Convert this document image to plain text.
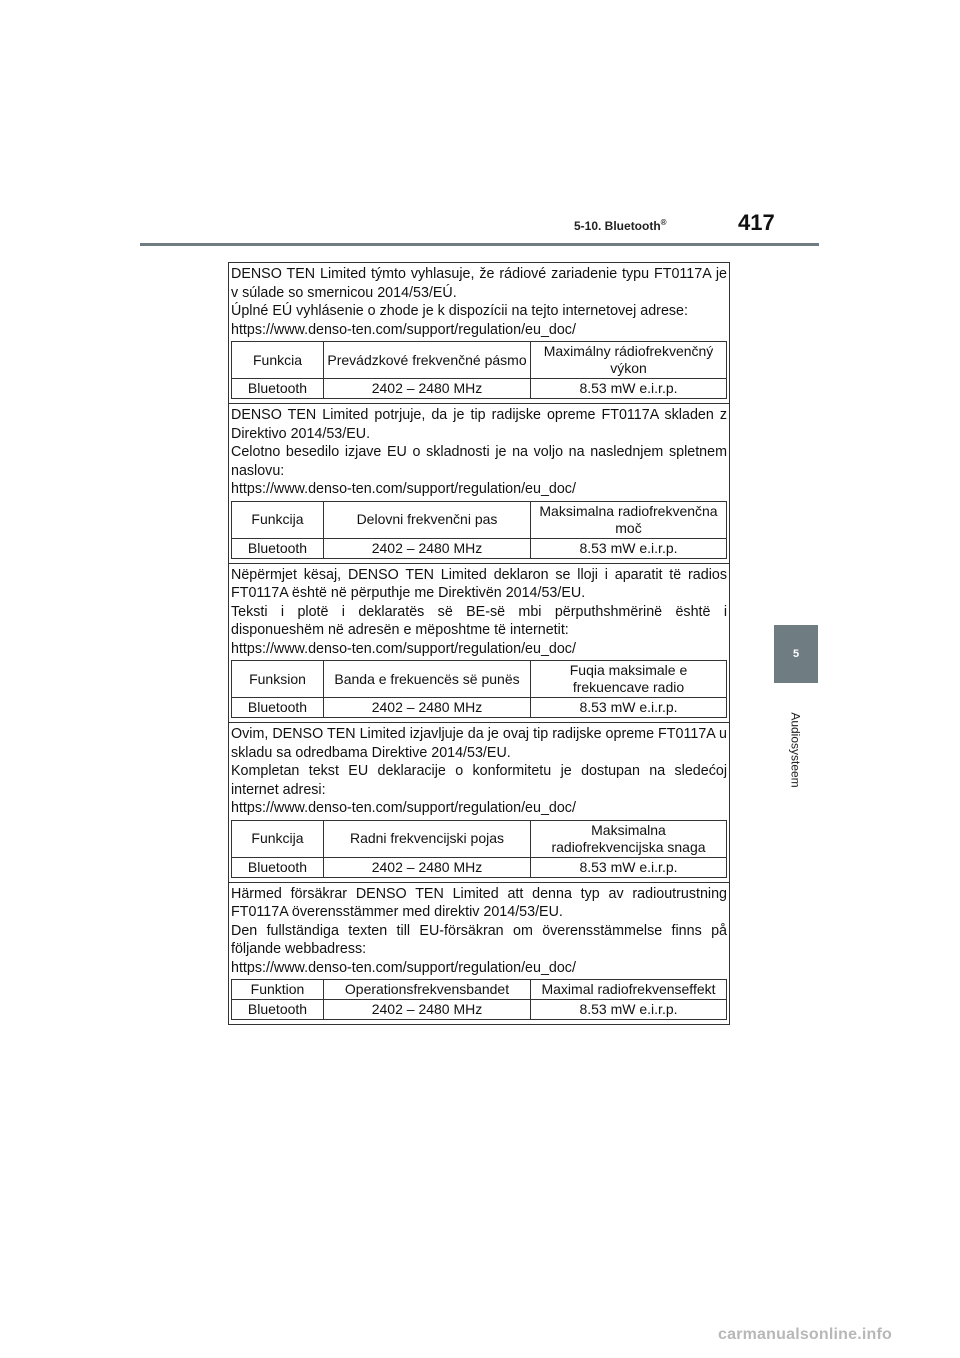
5-10. Bluetooth®	417
5
Audiosysteem

DENSO TEN Limited týmto vyhlasuje, že rádiové zariadenie typu FT0117A je v súlade so smernicou 2014/53/EÚ.

Úplné EÚ vyhlásenie o zhode je k dispozícii na tejto internetovej adrese:

https://www.denso-ten.com/support/regulation/eu_doc/

Funkcia	Prevádzkové frekvenčné pásmo	Maximálny rádiofrekvenčný výkon
Bluetooth	2402 – 2480 MHz	8.53 mW e.i.r.p.

DENSO TEN Limited potrjuje, da je tip radijske opreme FT0117A skladen z Direktivo 2014/53/EU.

Celotno besedilo izjave EU o skladnosti je na voljo na naslednjem spletnem naslovu:

https://www.denso-ten.com/support/regulation/eu_doc/

Funkcija	Delovni frekvenčni pas	Maksimalna radiofrekvenčna moč
Bluetooth	2402 – 2480 MHz	8.53 mW e.i.r.p.

Nëpërmjet kësaj, DENSO TEN Limited deklaron se lloji i aparatit të radios FT0117A është në përputhje me Direktivën 2014/53/EU.

Teksti i plotë i deklaratës së BE-së mbi përputhshmërinë është i disponueshëm në adresën e mëposhtme të internetit:

https://www.denso-ten.com/support/regulation/eu_doc/

Funksion	Banda e frekuencës së punës	Fuqia maksimale e frekuencave radio
Bluetooth	2402 – 2480 MHz	8.53 mW e.i.r.p.

Ovim, DENSO TEN Limited izjavljuje da je ovaj tip radijske opreme FT0117A u skladu sa odredbama Direktive 2014/53/EU.

Kompletan tekst EU deklaracije o konformitetu je dostupan na sledećoj internet adresi:

https://www.denso-ten.com/support/regulation/eu_doc/

Funkcija	Radni frekvencijski pojas	Maksimalna radiofrekvencijska snaga
Bluetooth	2402 – 2480 MHz	8.53 mW e.i.r.p.

Härmed försäkrar DENSO TEN Limited att denna typ av radioutrustning FT0117A överensstämmer med direktiv 2014/53/EU.

Den fullständiga texten till EU-försäkran om överensstämmelse finns på följande webbadress:

https://www.denso-ten.com/support/regulation/eu_doc/

Funktion	Operationsfrekvensbandet	Maximal radiofrekvenseffekt
Bluetooth	2402 – 2480 MHz	8.53 mW e.i.r.p.
carmanualsonline.info
